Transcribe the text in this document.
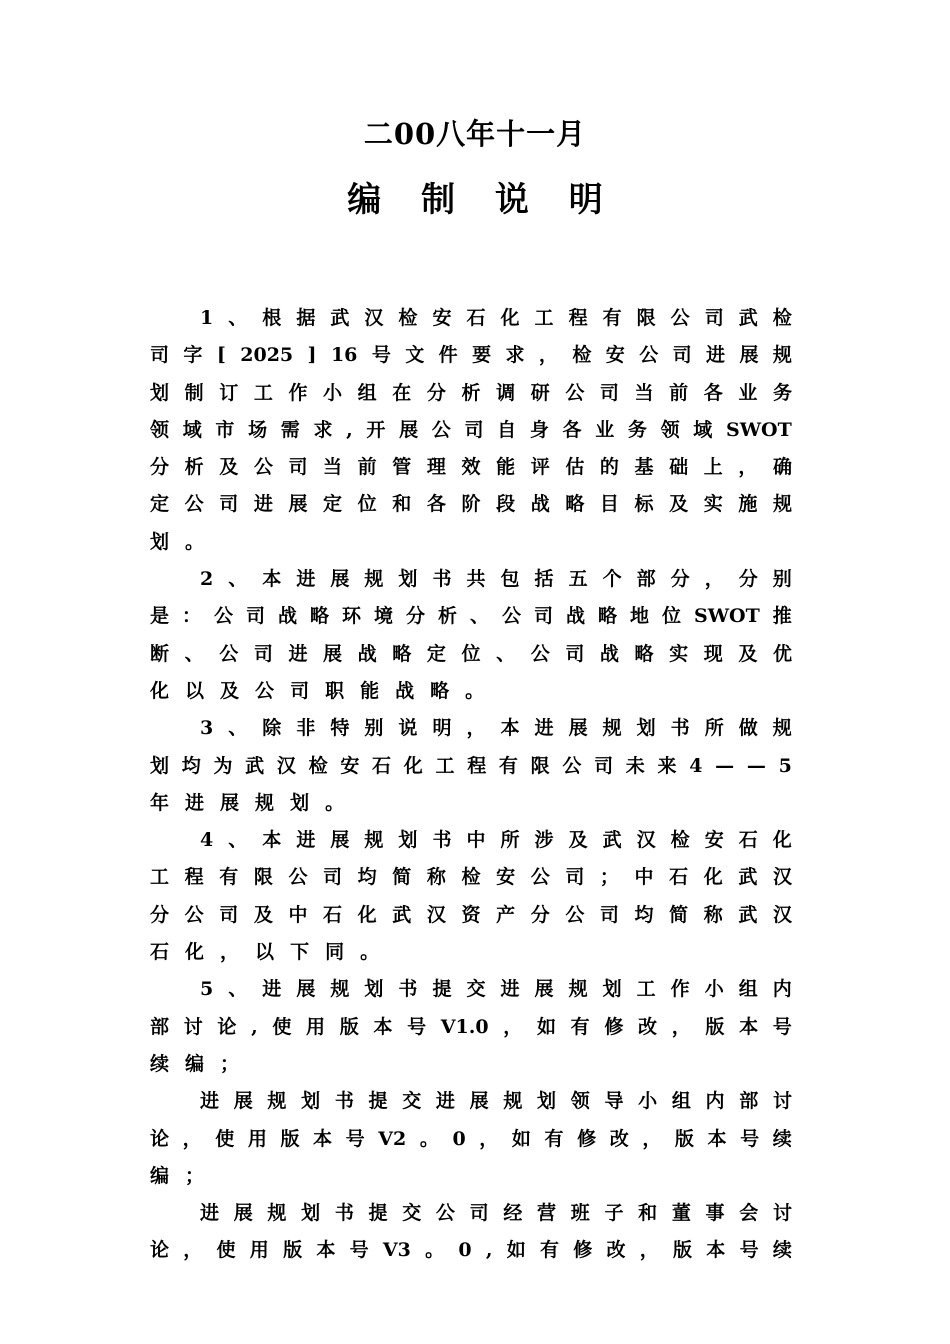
二00八年十一月
编 制 说 明
1 、 根 据 武 汉 检 安 石 化 工 程 有 限 公 司 武 检
司 字 [ 2025 ] 16 号 文 件 要 求 ， 检 安 公 司 进 展 规
划 制 订 工 作 小 组 在 分 析 调 研 公 司 当 前 各 业 务
领 域 市 场 需 求 , 开 展 公 司 自 身 各 业 务 领 域 SWOT
分 析 及 公 司 当 前 管 理 效 能 评 估 的 基 础 上 ， 确
定 公 司 进 展 定 位 和 各 阶 段 战 略 目 标 及 实 施 规
划 。
2 、 本 进 展 规 划 书 共 包 括 五 个 部 分 ， 分 别
是 ： 公 司 战 略 环 境 分 析 、 公 司 战 略 地 位 SWOT 推
断 、 公 司 进 展 战 略 定 位 、 公 司 战 略 实 现 及 优
化 以 及 公 司 职 能 战 略 。
3 、 除 非 特 别 说 明 ， 本 进 展 规 划 书 所 做 规
划 均 为 武 汉 检 安 石 化 工 程 有 限 公 司 未 来 4 — — 5
年 进 展 规 划 。
4 、 本 进 展 规 划 书 中 所 涉 及 武 汉 检 安 石 化
工 程 有 限 公 司 均 简 称 检 安 公 司 ； 中 石 化 武 汉
分 公 司 及 中 石 化 武 汉 资 产 分 公 司 均 简 称 武 汉
石 化 ， 以 下 同 。
5 、 进 展 规 划 书 提 交 进 展 规 划 工 作 小 组 内
部 讨 论 , 使 用 版 本 号 V1.0 ， 如 有 修 改 ， 版 本 号
续 编 ；
进 展 规 划 书 提 交 进 展 规 划 领 导 小 组 内 部 讨
论 ， 使 用 版 本 号 V2 。 0 ， 如 有 修 改 ， 版 本 号 续
编 ；
进 展 规 划 书 提 交 公 司 经 营 班 子 和 董 事 会 讨
论 ， 使 用 版 本 号 V3 。 0 , 如 有 修 改 ， 版 本 号 续
